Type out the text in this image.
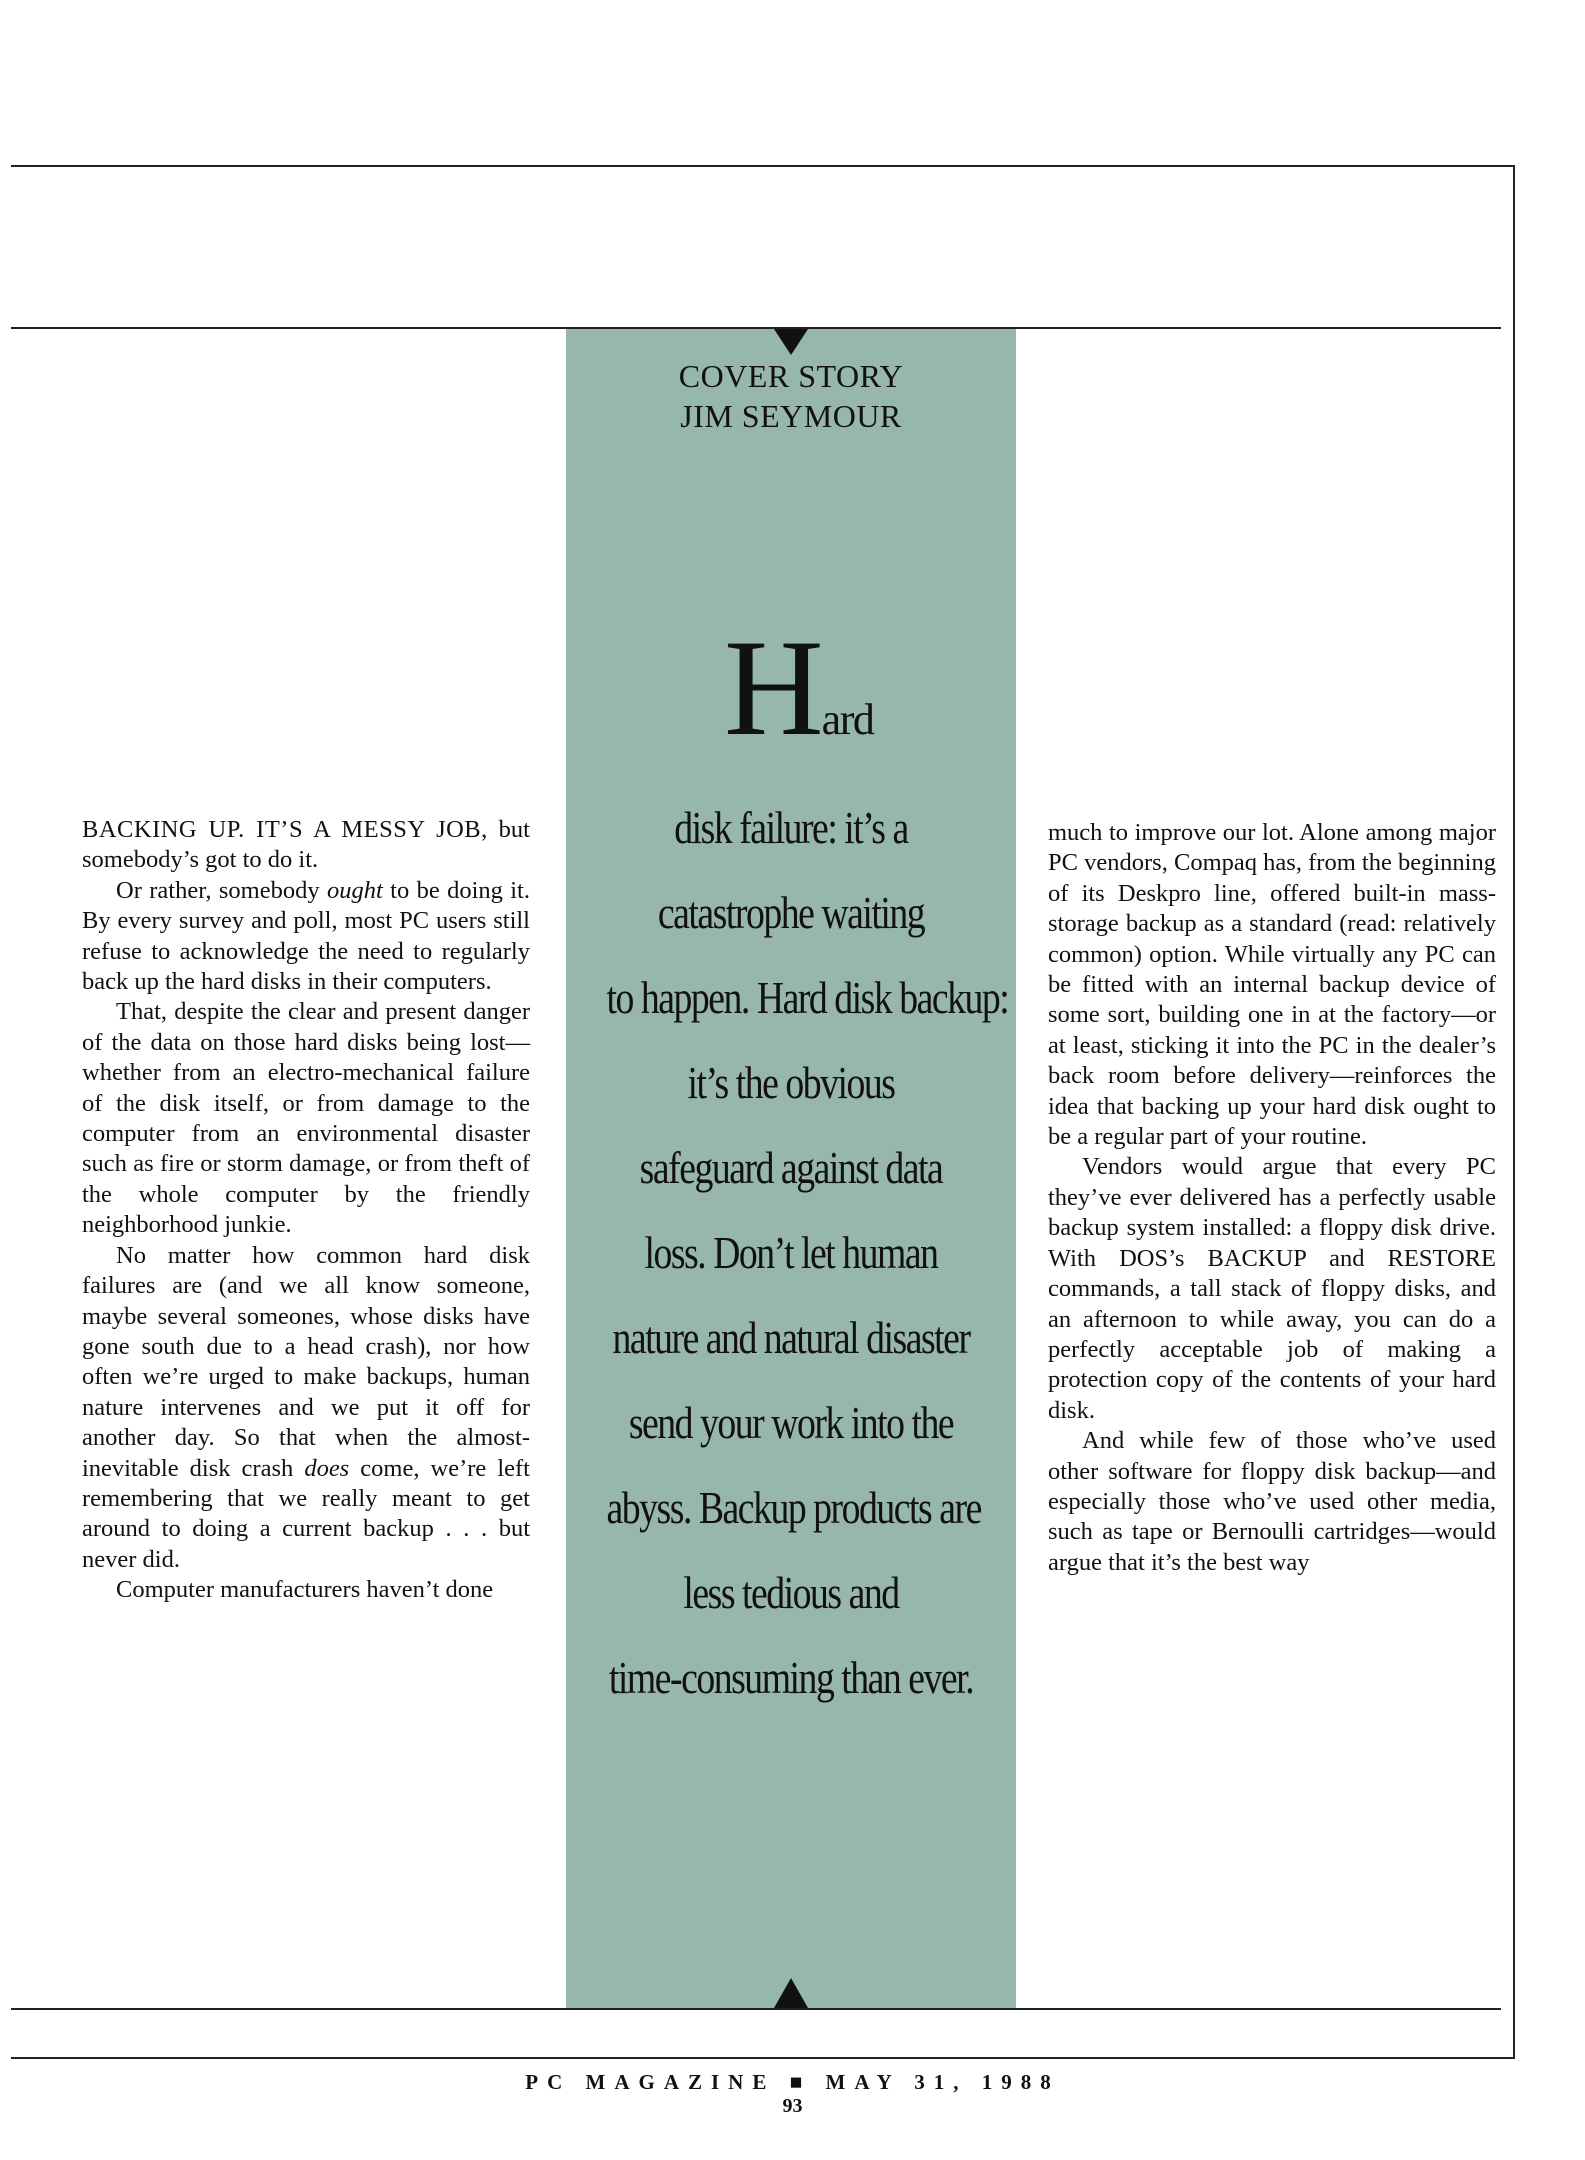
COVER STORY
JIM SEYMOUR
Hard
disk failure: it’s a
catastrophe waiting
to happen. Hard disk backup:
it’s the obvious
safeguard against data
loss. Don’t let human
nature and natural disaster
send your work into the
abyss. Backup products are
less tedious and
time-consuming than ever.

BACKING UP. IT’S A MESSY JOB, but somebody’s got to do it.

Or rather, somebody ought to be doing it. By every survey and poll, most PC users still refuse to acknowledge the need to regularly back up the hard disks in their computers.

That, despite the clear and present danger of the data on those hard disks being lost—whether from an electro-mechanical failure of the disk itself, or from damage to the computer from an environmental disaster such as fire or storm damage, or from theft of the whole computer by the friendly neighborhood junkie.

No matter how common hard disk failures are (and we all know someone, maybe several someones, whose disks have gone south due to a head crash), nor how often we’re urged to make backups, human nature intervenes and we put it off for another day. So that when the almost-inevitable disk crash does come, we’re left remembering that we really meant to get around to doing a current backup . . . but never did.

Computer manufacturers haven’t done

much to improve our lot. Alone among major PC vendors, Compaq has, from the beginning of its Deskpro line, offered built-in mass-storage backup as a standard (read: relatively common) option. While virtually any PC can be fitted with an internal backup device of some sort, building one in at the factory—or at least, sticking it into the PC in the dealer’s back room before delivery—reinforces the idea that backing up your hard disk ought to be a regular part of your routine.

Vendors would argue that every PC they’ve ever delivered has a perfectly usable backup system installed: a floppy disk drive. With DOS’s BACKUP and RESTORE commands, a tall stack of floppy disks, and an afternoon to while away, you can do a perfectly acceptable job of making a protection copy of the contents of your hard disk.

And while few of those who’ve used other software for floppy disk backup—and especially those who’ve used other media, such as tape or Bernoulli cartridges—would argue that it’s the best way

PC MAGAZINE ■ MAY 31, 1988
93
